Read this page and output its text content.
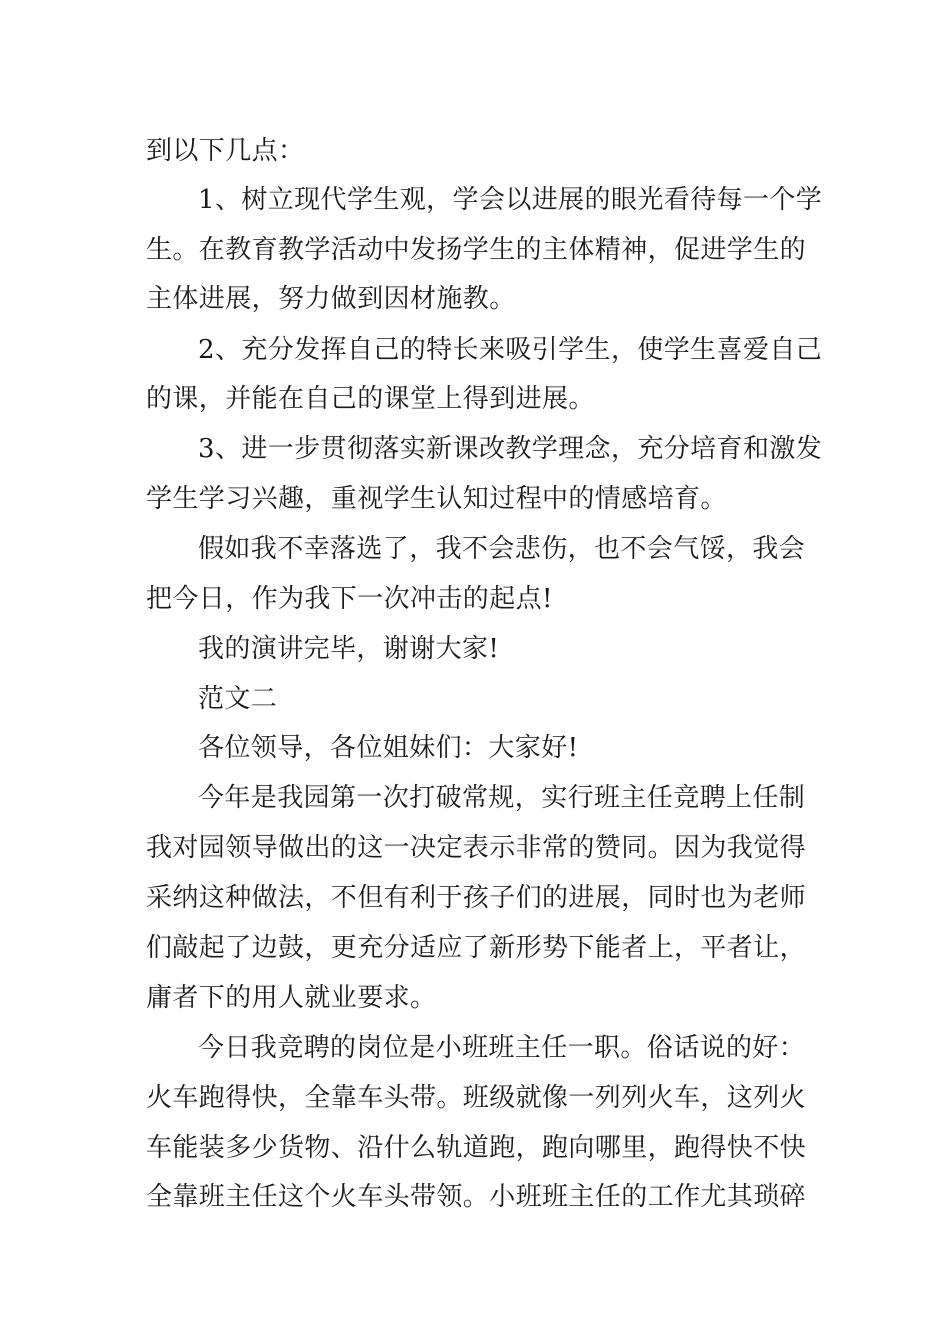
到以下几点：

1、树立现代学生观，学会以进展的眼光看待每一个学

生。在教育教学活动中发扬学生的主体精神，促进学生的

主体进展，努力做到因材施教。

2、充分发挥自己的特长来吸引学生，使学生喜爱自己

的课，并能在自己的课堂上得到进展。

3、进一步贯彻落实新课改教学理念，充分培育和激发

学生学习兴趣，重视学生认知过程中的情感培育。

假如我不幸落选了，我不会悲伤，也不会气馁，我会

把今日，作为我下一次冲击的起点!

我的演讲完毕，谢谢大家!

范文二

各位领导，各位姐妹们：大家好!

今年是我园第一次打破常规，实行班主任竞聘上任制

我对园领导做出的这一决定表示非常的赞同。因为我觉得

采纳这种做法，不但有利于孩子们的进展，同时也为老师

们敲起了边鼓，更充分适应了新形势下能者上，平者让，

庸者下的用人就业要求。

今日我竞聘的岗位是小班班主任一职。俗话说的好：

火车跑得快，全靠车头带。班级就像一列列火车，这列火

车能装多少货物、沿什么轨道跑，跑向哪里，跑得快不快

全靠班主任这个火车头带领。小班班主任的工作尤其琐碎
